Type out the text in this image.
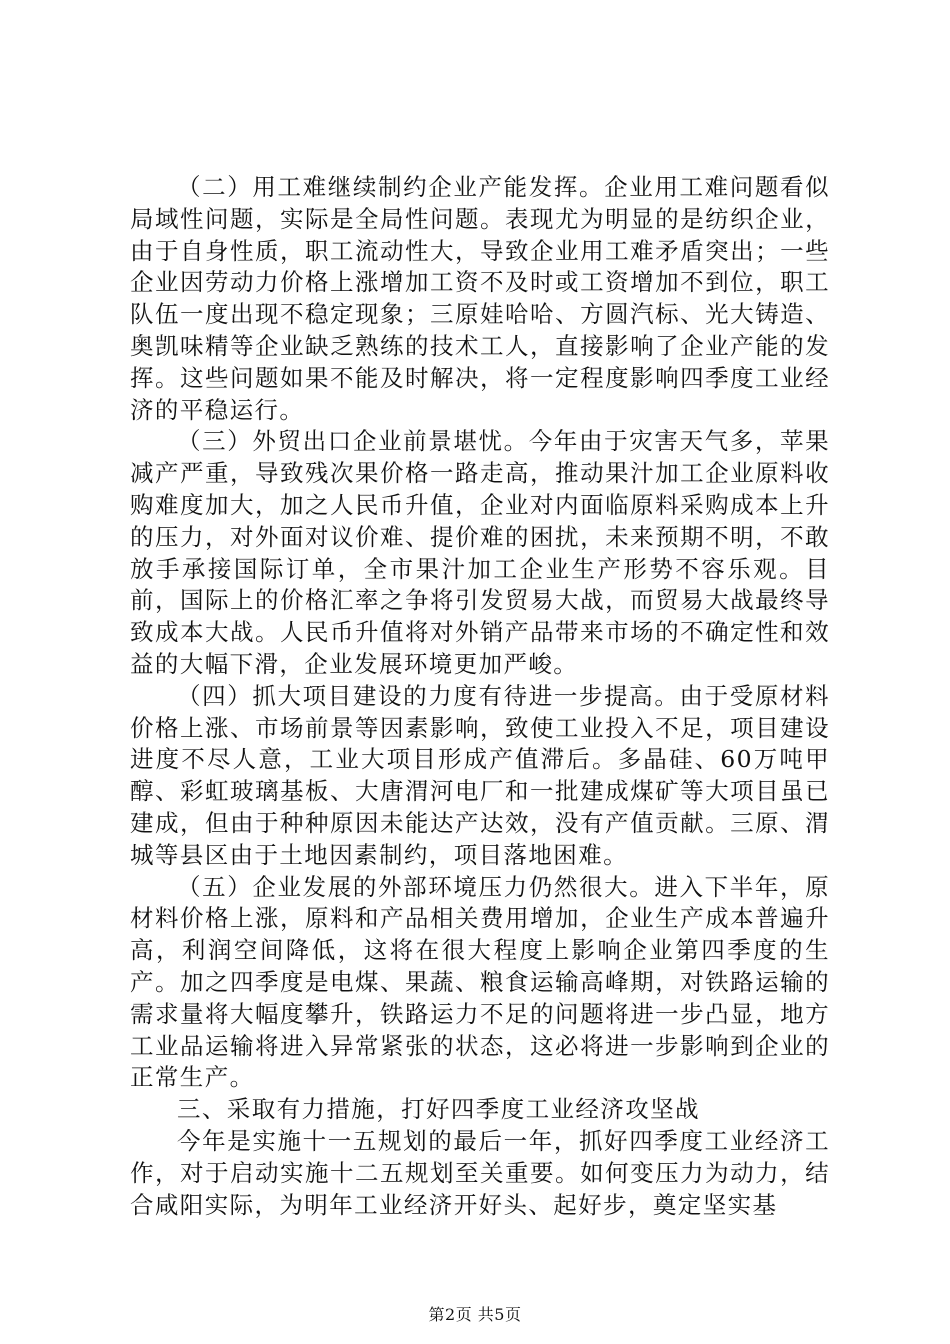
（二）用工难继续制约企业产能发挥。企业用工难问题看似局域性问题，实际是全局性问题。表现尤为明显的是纺织企业，由于自身性质，职工流动性大，导致企业用工难矛盾突出；一些企业因劳动力价格上涨增加工资不及时或工资增加不到位，职工队伍一度出现不稳定现象；三原娃哈哈、方圆汽标、光大铸造、奥凯味精等企业缺乏熟练的技术工人，直接影响了企业产能的发挥。这些问题如果不能及时解决，将一定程度影响四季度工业经济的平稳运行。

（三）外贸出口企业前景堪忧。今年由于灾害天气多，苹果减产严重，导致残次果价格一路走高，推动果汁加工企业原料收购难度加大，加之人民币升值，企业对内面临原料采购成本上升的压力，对外面对议价难、提价难的困扰，未来预期不明，不敢放手承接国际订单，全市果汁加工企业生产形势不容乐观。目前，国际上的价格汇率之争将引发贸易大战，而贸易大战最终导致成本大战。人民币升值将对外销产品带来市场的不确定性和效益的大幅下滑，企业发展环境更加严峻。

（四）抓大项目建设的力度有待进一步提高。由于受原材料价格上涨、市场前景等因素影响，致使工业投入不足，项目建设进度不尽人意，工业大项目形成产值滞后。多晶硅、60万吨甲醇、彩虹玻璃基板、大唐渭河电厂和一批建成煤矿等大项目虽已建成，但由于种种原因未能达产达效，没有产值贡献。三原、渭城等县区由于土地因素制约，项目落地困难。

（五）企业发展的外部环境压力仍然很大。进入下半年，原材料价格上涨，原料和产品相关费用增加，企业生产成本普遍升高，利润空间降低，这将在很大程度上影响企业第四季度的生产。加之四季度是电煤、果蔬、粮食运输高峰期，对铁路运输的需求量将大幅度攀升，铁路运力不足的问题将进一步凸显，地方工业品运输将进入异常紧张的状态，这必将进一步影响到企业的正常生产。

三、采取有力措施，打好四季度工业经济攻坚战

今年是实施十一五规划的最后一年，抓好四季度工业经济工作，对于启动实施十二五规划至关重要。如何变压力为动力，结合咸阳实际，为明年工业经济开好头、起好步，奠定坚实基

第2页 共5页
